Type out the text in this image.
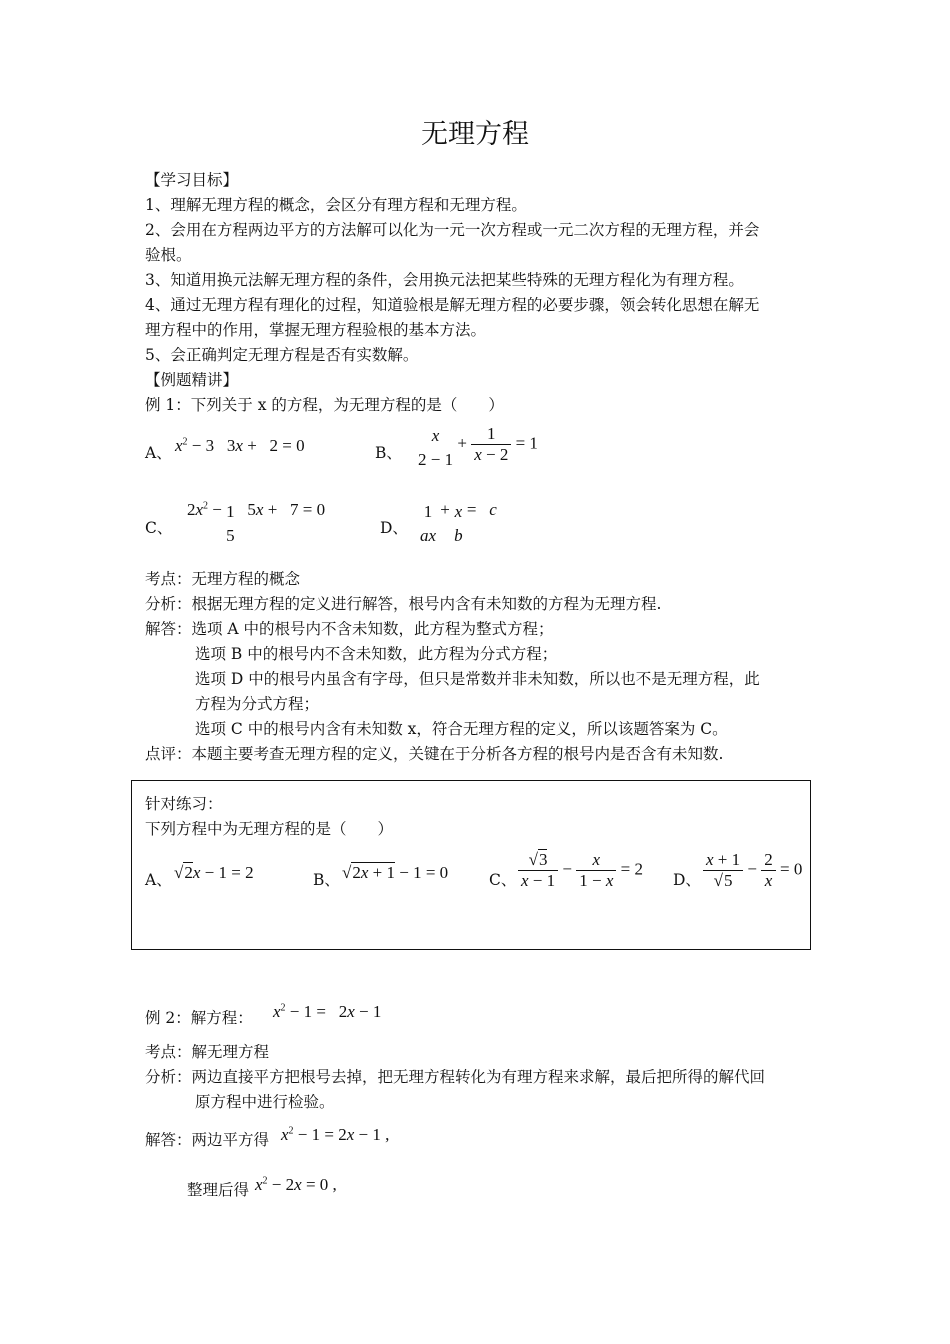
无理方程
【学习目标】
1、理解无理方程的概念，会区分有理方程和无理方程。
2、会用在方程两边平方的方法解可以化为一元一次方程或一元二次方程的无理方程，并会
验根。
3、知道用换元法解无理方程的条件，会用换元法把某些特殊的无理方程化为有理方程。
4、通过无理方程有理化的过程，知道验根是解无理方程的必要步骤，领会转化思想在解无
理方程中的作用，掌握无理方程验根的基本方法。
5、会正确判定无理方程是否有实数解。
【例题精讲】
例 1：下列关于 x 的方程，为无理方程的是（　　）
A、 $x^2 - 3$   3x +   2 = 0	B、
x
2 − 1
+ $\frac{1}{x - 2} = 1$
C、
$2x^2 - 1$
5
5x +   7 = 0
D、
1
ax
+ x
b
=   c
考点：无理方程的概念
分析：根据无理方程的定义进行解答，根号内含有未知数的方程为无理方程.
解答：选项 A 中的根号内不含未知数，此方程为整式方程；
选项 B 中的根号内不含未知数，此方程为分式方程；
选项 D 中的根号内虽含有字母，但只是常数并非未知数，所以也不是无理方程，此
方程为分式方程；
选项 C 中的根号内含有未知数 x，符合无理方程的定义，所以该题答案为 C。
点评：本题主要考查无理方程的定义，关键在于分析各方程的根号内是否含有未知数.
针对练习：
下列方程中为无理方程的是（　　）
A、 √2x − 1 = 2	B、 √2x + 1 − 1 = 0	C、 $\frac{√3}{x - 1} - \frac{x}{1 - x} = 2$
D、 $\frac{x + 1}{√5} - \frac{2}{x} = 0$
例 2：解方程： $x^2 - 1 = 2x - 1$
考点：解无理方程
分析：两边直接平方把根号去掉，把无理方程转化为有理方程来求解，最后把所得的解代回
原方程中进行检验。
解答：两边平方得 $x^2 - 1 = 2x - 1$ ,
整理后得 $x^2 - 2x = 0$ ,
